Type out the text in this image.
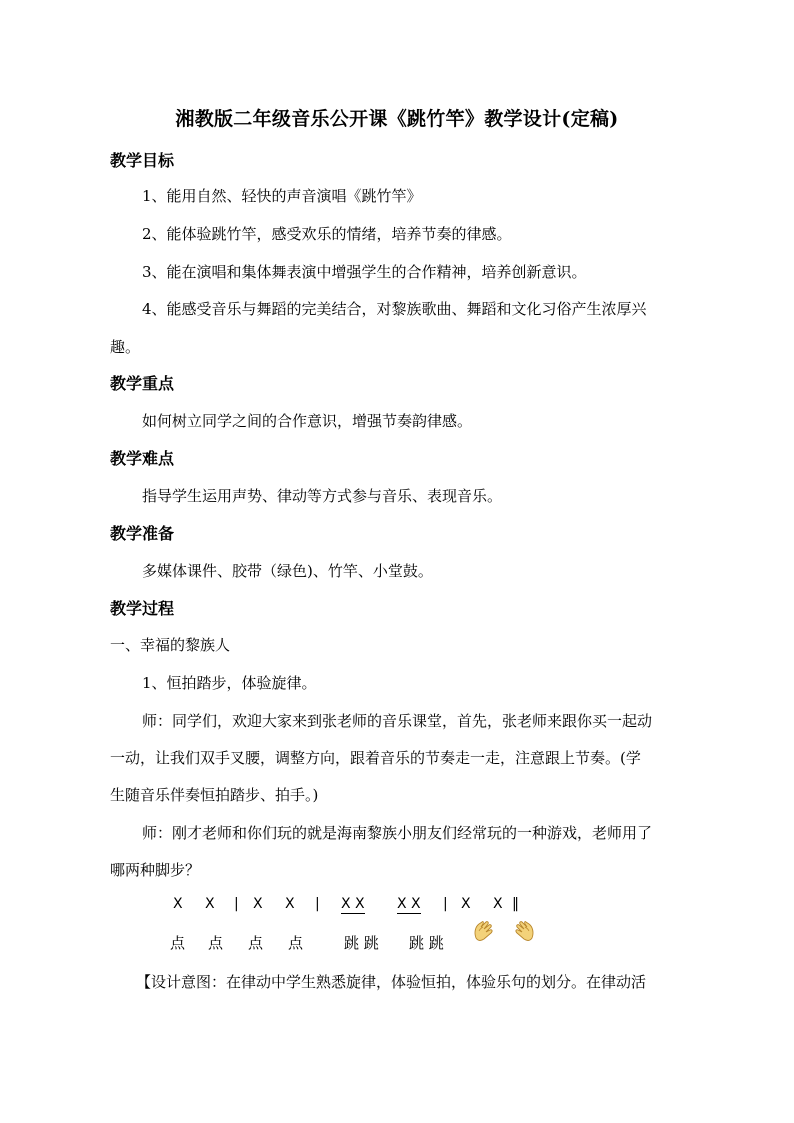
湘教版二年级音乐公开课《跳竹竿》教学设计(定稿)
教学目标
1、能用自然、轻快的声音演唱《跳竹竿》
2、能体验跳竹竿，感受欢乐的情绪，培养节奏的律感。
3、能在演唱和集体舞表演中增强学生的合作精神，培养创新意识。
4、能感受音乐与舞蹈的完美结合，对黎族歌曲、舞蹈和文化习俗产生浓厚兴
趣。
教学重点
如何树立同学之间的合作意识，增强节奏韵律感。
教学难点
指导学生运用声势、律动等方式参与音乐、表现音乐。
教学准备
多媒体课件、胶带（绿色)、竹竿、小堂鼓。
教学过程
一、幸福的黎族人
1、恒拍踏步，体验旋律。
师：同学们，欢迎大家来到张老师的音乐课堂，首先，张老师来跟你买一起动
一动，让我们双手叉腰，调整方向，跟着音乐的节奏走一走，注意跟上节奏。(学
生随音乐伴奏恒拍踏步、拍手。)
师：刚才老师和你们玩的就是海南黎族小朋友们经常玩的一种游戏，老师用了
哪两种脚步？
X X | X X | X X X X | X X ‖
点 点 点 点	跳 跳 跳 跳
【设计意图：在律动中学生熟悉旋律，体验恒拍，体验乐句的划分。在律动活
